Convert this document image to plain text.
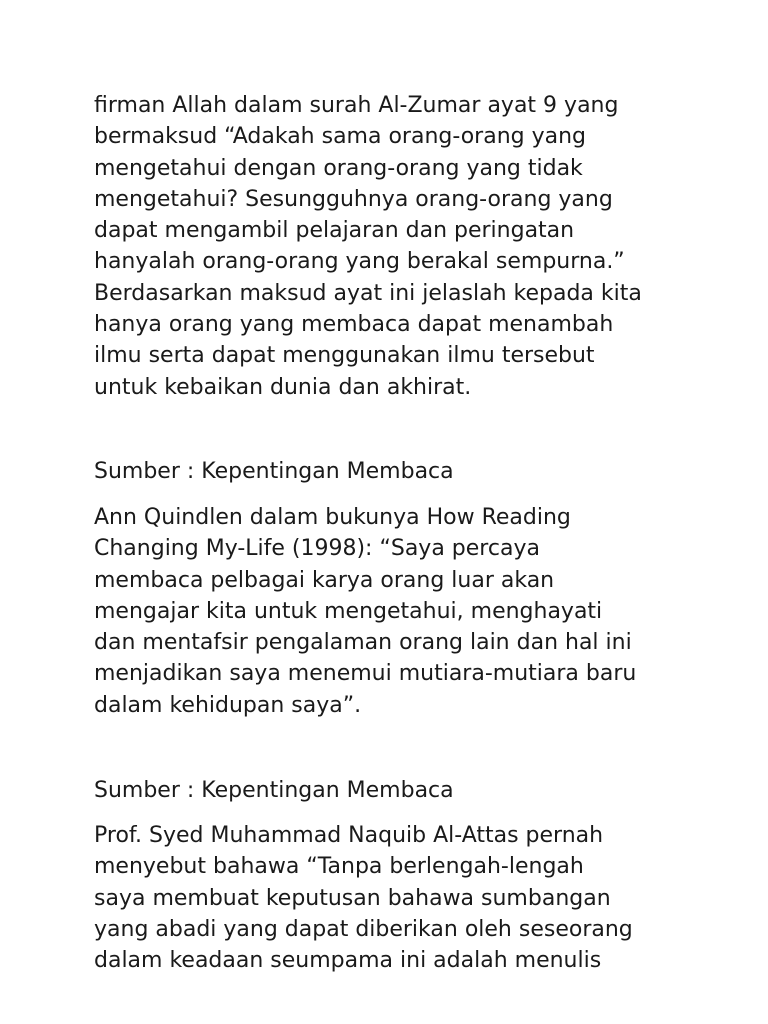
firman Allah dalam surah Al-Zumar ayat 9 yang
bermaksud “Adakah sama orang-orang yang
mengetahui dengan orang-orang yang tidak
mengetahui? Sesungguhnya orang-orang yang
dapat mengambil pelajaran dan peringatan
hanyalah orang-orang yang berakal sempurna.”
Berdasarkan maksud ayat ini jelaslah kepada kita
hanya orang yang membaca dapat menambah
ilmu serta dapat menggunakan ilmu tersebut
untuk kebaikan dunia dan akhirat.

Sumber : Kepentingan Membaca

Ann Quindlen dalam bukunya How Reading
Changing My-Life (1998): “Saya percaya
membaca pelbagai karya orang luar akan
mengajar kita untuk mengetahui, menghayati
dan mentafsir pengalaman orang lain dan hal ini
menjadikan saya menemui mutiara-mutiara baru
dalam kehidupan saya”.

Sumber : Kepentingan Membaca

Prof. Syed Muhammad Naquib Al-Attas pernah
menyebut bahawa “Tanpa berlengah-lengah
saya membuat keputusan bahawa sumbangan
yang abadi yang dapat diberikan oleh seseorang
dalam keadaan seumpama ini adalah menulis
